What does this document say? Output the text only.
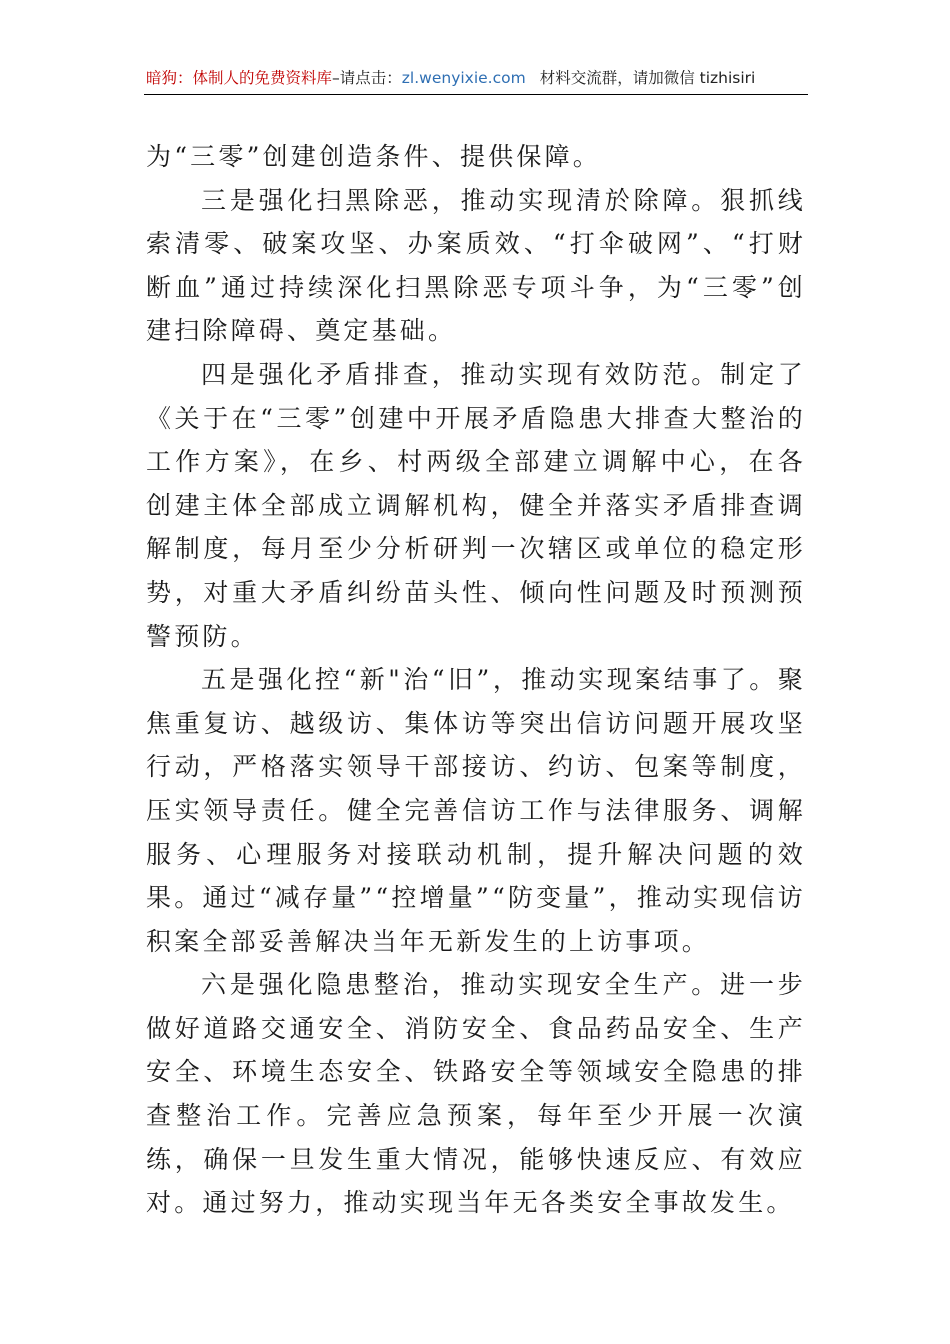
暗狗：体制人的免费资料库–请点击：zl.wenyixie.com 材料交流群，请加微信 tizhisiri

为“三零”创建创造条件、提供保障。

三是强化扫黑除恶，推动实现清於除障。狠抓线索清零、破案攻坚、办案质效、“打伞破网”、“打财断血”通过持续深化扫黑除恶专项斗争，为“三零”创建扫除障碍、奠定基础。

四是强化矛盾排查，推动实现有效防范。制定了《关于在“三零”创建中开展矛盾隐患大排查大整治的工作方案》，在乡、村两级全部建立调解中心，在各创建主体全部成立调解机构，健全并落实矛盾排查调解制度，每月至少分析研判一次辖区或单位的稳定形势，对重大矛盾纠纷苗头性、倾向性问题及时预测预警预防。

五是强化控“新"治“旧”，推动实现案结事了。聚焦重复访、越级访、集体访等突出信访问题开展攻坚行动，严格落实领导干部接访、约访、包案等制度，压实领导责任。健全完善信访工作与法律服务、调解服务、心理服务对接联动机制，提升解决问题的效果。通过“减存量”“控增量”“防变量”，推动实现信访积案全部妥善解决当年无新发生的上访事项。

六是强化隐患整治，推动实现安全生产。进一步做好道路交通安全、消防安全、食品药品安全、生产安全、环境生态安全、铁路安全等领域安全隐患的排查整治工作。完善应急预案，每年至少开展一次演练，确保一旦发生重大情况，能够快速反应、有效应对。通过努力，推动实现当年无各类安全事故发生。
